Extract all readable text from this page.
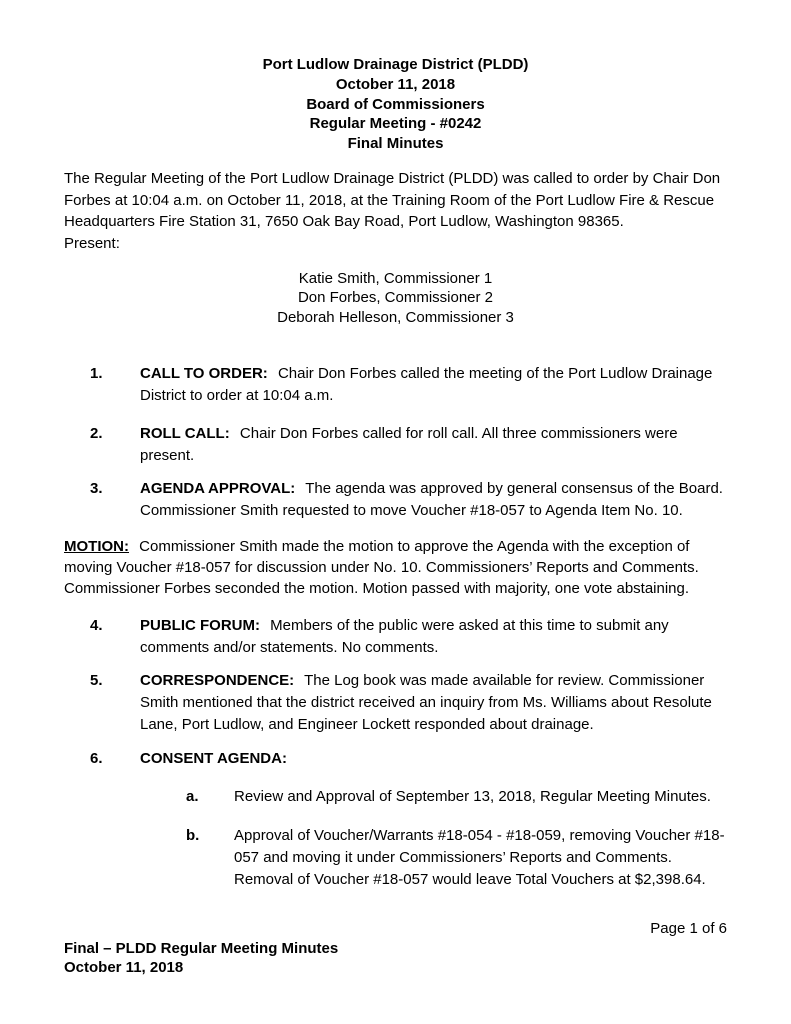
Port Ludlow Drainage District (PLDD)
October 11, 2018
Board of Commissioners
Regular Meeting - #0242
Final Minutes
The Regular Meeting of the Port Ludlow Drainage District (PLDD) was called to order by Chair Don Forbes at 10:04 a.m. on October 11, 2018, at the Training Room of the Port Ludlow Fire & Rescue Headquarters Fire Station 31, 7650 Oak Bay Road, Port Ludlow, Washington 98365.
Present:
Katie Smith, Commissioner 1
Don Forbes, Commissioner 2
Deborah Helleson, Commissioner 3
1.	CALL TO ORDER: Chair Don Forbes called the meeting of the Port Ludlow Drainage District to order at 10:04 a.m.
2.	ROLL CALL: Chair Don Forbes called for roll call. All three commissioners were present.
3.	AGENDA APPROVAL: The agenda was approved by general consensus of the Board. Commissioner Smith requested to move Voucher #18-057 to Agenda Item No. 10.
MOTION: Commissioner Smith made the motion to approve the Agenda with the exception of moving Voucher #18-057 for discussion under No. 10. Commissioners’ Reports and Comments. Commissioner Forbes seconded the motion. Motion passed with majority, one vote abstaining.
4.	PUBLIC FORUM: Members of the public were asked at this time to submit any comments and/or statements. No comments.
5.	CORRESPONDENCE: The Log book was made available for review. Commissioner Smith mentioned that the district received an inquiry from Ms. Williams about Resolute Lane, Port Ludlow, and Engineer Lockett responded about drainage.
6.	CONSENT AGENDA:
a.	Review and Approval of September 13, 2018, Regular Meeting Minutes.
b.	Approval of Voucher/Warrants #18-054 - #18-059, removing Voucher #18-057 and moving it under Commissioners’ Reports and Comments.
Removal of Voucher #18-057 would leave Total Vouchers at $2,398.64.
Page 1 of 6
Final – PLDD Regular Meeting Minutes
October 11, 2018
